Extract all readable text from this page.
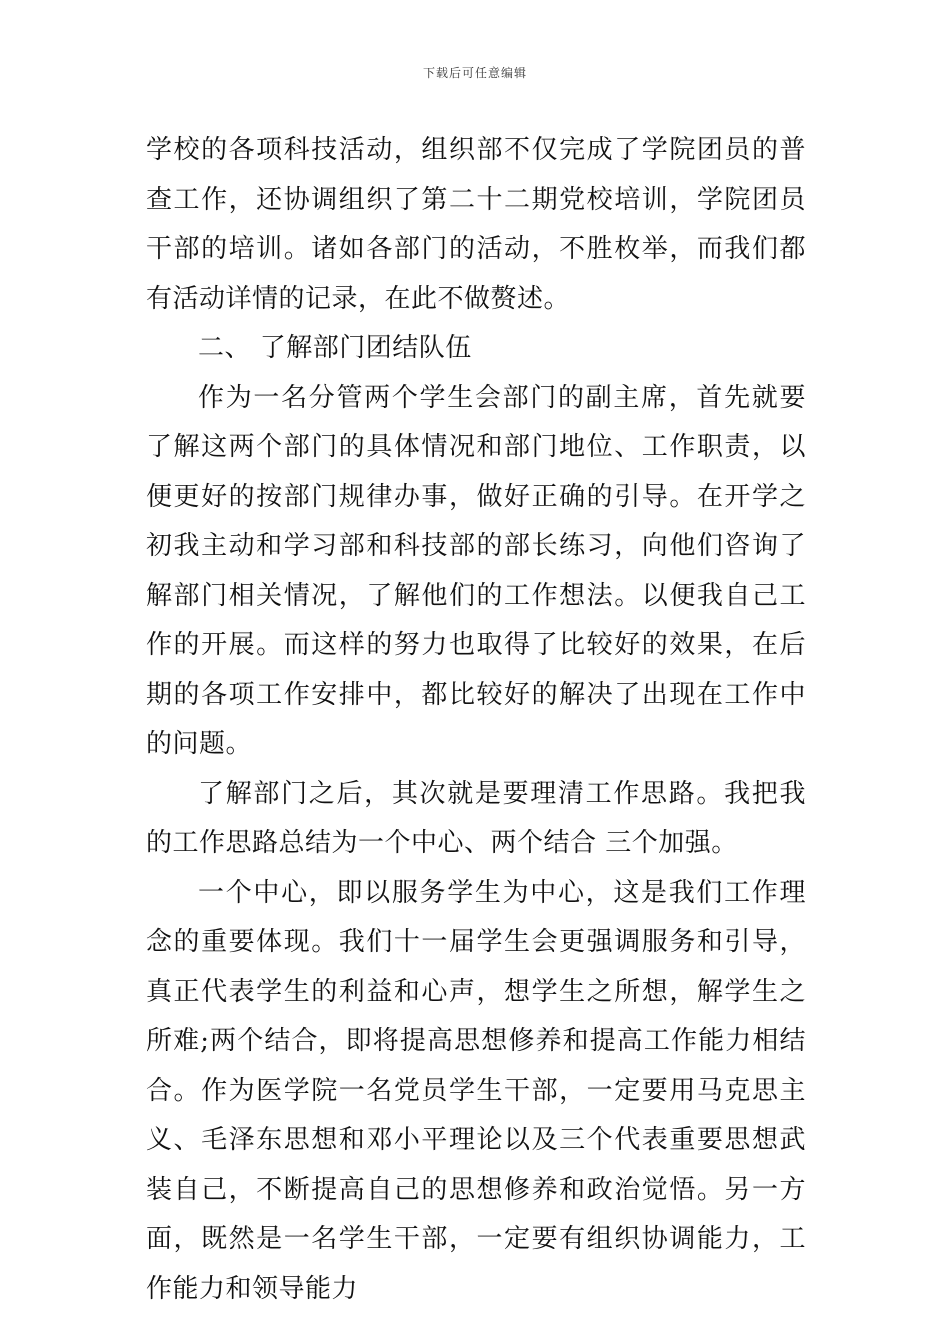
下载后可任意编辑

学校的各项科技活动，组织部不仅完成了学院团员的普查工作，还协调组织了第二十二期党校培训，学院团员干部的培训。诸如各部门的活动，不胜枚举，而我们都有活动详情的记录，在此不做赘述。

二、 了解部门团结队伍

作为一名分管两个学生会部门的副主席，首先就要了解这两个部门的具体情况和部门地位、工作职责，以便更好的按部门规律办事，做好正确的引导。在开学之初我主动和学习部和科技部的部长练习，向他们咨询了解部门相关情况，了解他们的工作想法。以便我自己工作的开展。而这样的努力也取得了比较好的效果，在后期的各项工作安排中，都比较好的解决了出现在工作中的问题。

了解部门之后，其次就是要理清工作思路。我把我的工作思路总结为一个中心、两个结合 三个加强。

一个中心，即以服务学生为中心，这是我们工作理念的重要体现。我们十一届学生会更强调服务和引导，真正代表学生的利益和心声，想学生之所想，解学生之所难;两个结合，即将提高思想修养和提高工作能力相结合。作为医学院一名党员学生干部，一定要用马克思主义、毛泽东思想和邓小平理论以及三个代表重要思想武装自己，不断提高自己的思想修养和政治觉悟。另一方面，既然是一名学生干部，一定要有组织协调能力，工作能力和领导能力
